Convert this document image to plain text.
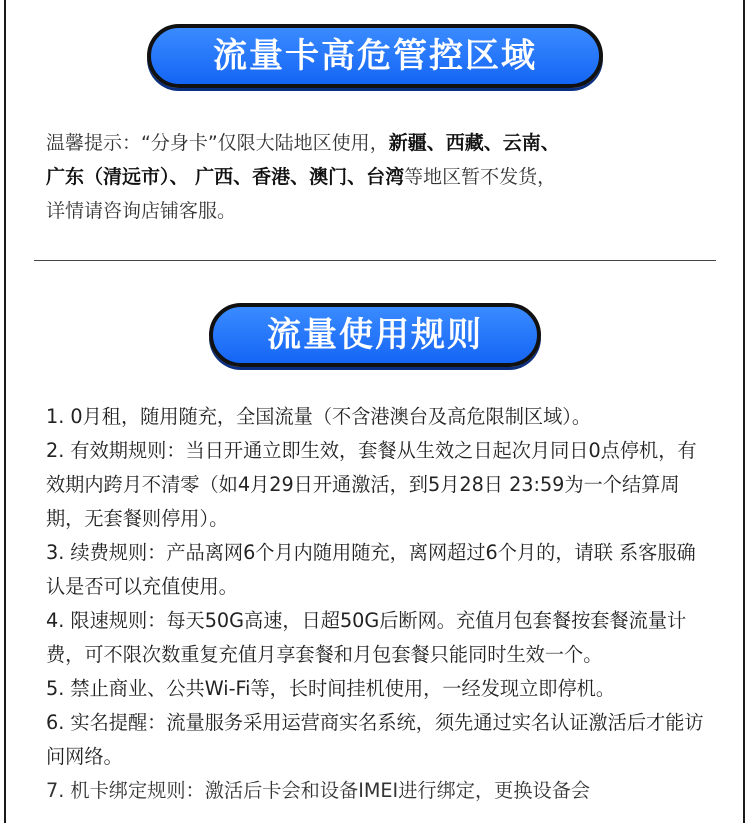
流量卡高危管控区域
温馨提示：“分身卡”仅限大陆地区使用，新疆、西藏、云南、
广东（清远市）、 广西、香港、澳门、台湾等地区暂不发货，
详情请咨询店铺客服。
流量使用规则

1. 0月租，随用随充，全国流量（不含港澳台及高危限制区域）。

2. 有效期规则：当日开通立即生效，套餐从生效之日起次月同日0点停机，有效期内跨月不清零（如4月29日开通激活，到5月28日 23:59为一个结算周期，无套餐则停用）。

3. 续费规则：产品离网6个月内随用随充，离网超过6个月的，请联 系客服确认是否可以充值使用。

4. 限速规则：每天50G高速，日超50G后断网。充值月包套餐按套餐流量计费，可不限次数重复充值月享套餐和月包套餐只能同时生效一个。

5. 禁止商业、公共Wi-Fi等，长时间挂机使用，一经发现立即停机。

6. 实名提醒：流量服务采用运营商实名系统，须先通过实名认证激活后才能访问网络。

7. 机卡绑定规则：激活后卡会和设备IMEI进行绑定，更换设备会
